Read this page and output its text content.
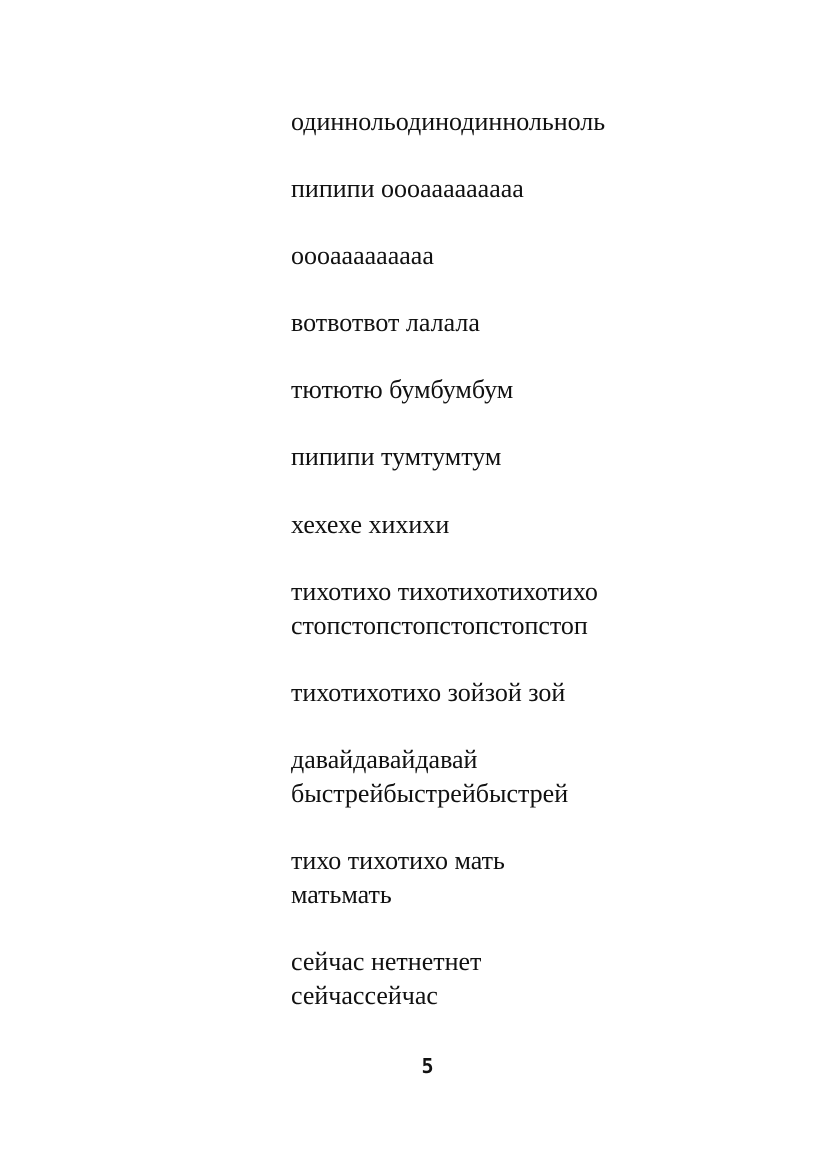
одиннольодинодиннольноль

пипипи оооааааааааа

оооааааааааа

вотвотвот лалала

тютютю бумбумбум

пипипи тумтумтум

хехехе хихихи

тихотихо тихотихотихотихо
стопстопстопстопстопстоп

тихотихотихо зойзой зой

давайдавайдавай
быстрейбыстрейбыстрей

тихо тихотихо мать
матьмать

сейчас нетнетнет
сейчассейчас

5
